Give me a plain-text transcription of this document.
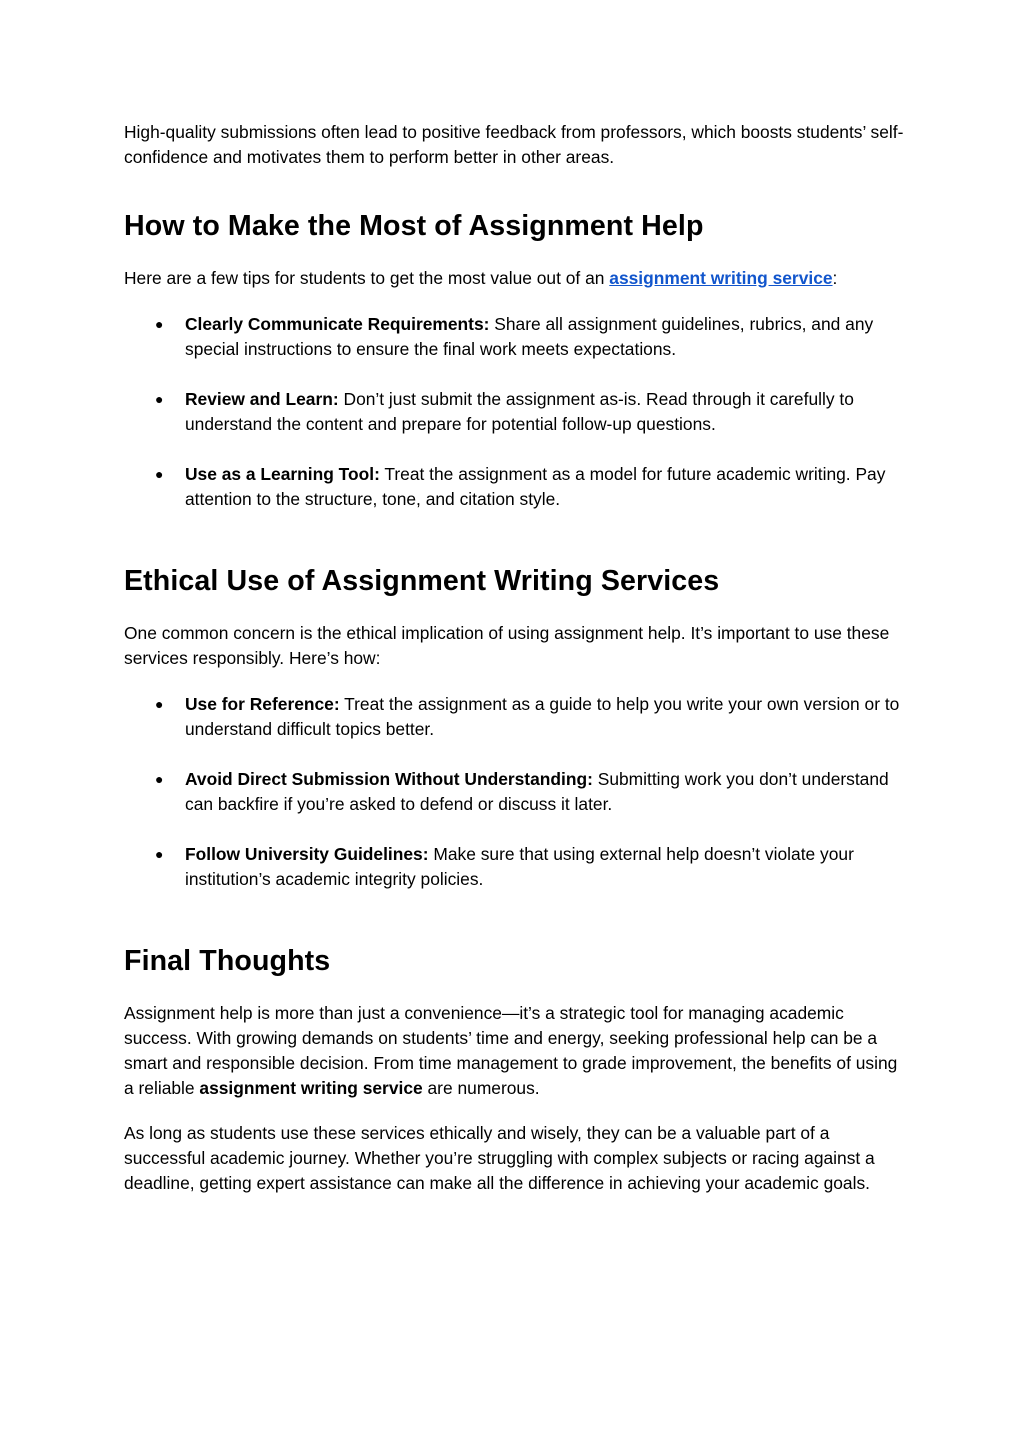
High-quality submissions often lead to positive feedback from professors, which boosts students’ self-confidence and motivates them to perform better in other areas.

How to Make the Most of Assignment Help

Here are a few tips for students to get the most value out of an assignment writing service:

● Clearly Communicate Requirements: Share all assignment guidelines, rubrics, and any special instructions to ensure the final work meets expectations.
● Review and Learn: Don’t just submit the assignment as-is. Read through it carefully to understand the content and prepare for potential follow-up questions.
● Use as a Learning Tool: Treat the assignment as a model for future academic writing. Pay attention to the structure, tone, and citation style.
Ethical Use of Assignment Writing Services

One common concern is the ethical implication of using assignment help. It’s important to use these services responsibly. Here’s how:

● Use for Reference: Treat the assignment as a guide to help you write your own version or to understand difficult topics better.
● Avoid Direct Submission Without Understanding: Submitting work you don’t understand can backfire if you’re asked to defend or discuss it later.
● Follow University Guidelines: Make sure that using external help doesn’t violate your institution’s academic integrity policies.
Final Thoughts

Assignment help is more than just a convenience—it’s a strategic tool for managing academic success. With growing demands on students’ time and energy, seeking professional help can be a smart and responsible decision. From time management to grade improvement, the benefits of using a reliable assignment writing service are numerous.

As long as students use these services ethically and wisely, they can be a valuable part of a successful academic journey. Whether you’re struggling with complex subjects or racing against a deadline, getting expert assistance can make all the difference in achieving your academic goals.
